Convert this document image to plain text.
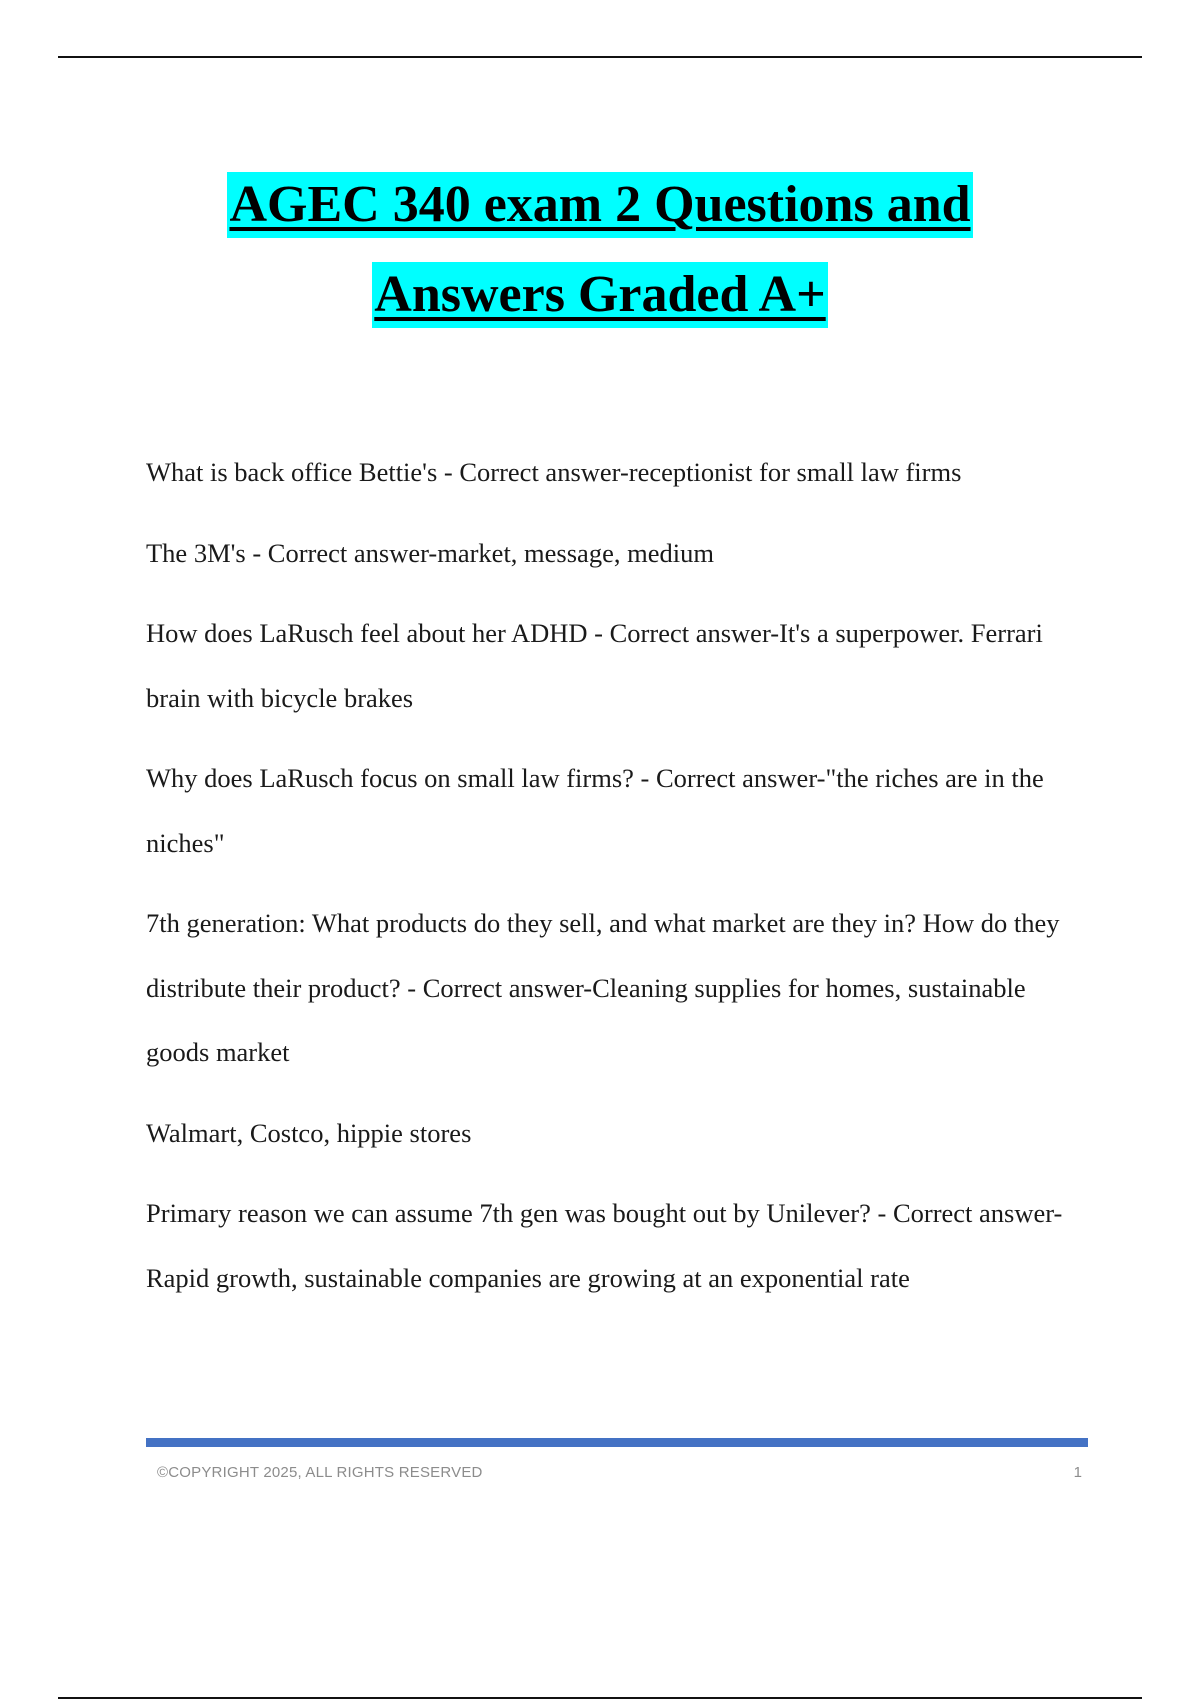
AGEC 340 exam 2 Questions and
Answers Graded A+

What is back office Bettie's - Correct answer-receptionist for small law firms

The 3M's - Correct answer-market, message, medium

How does LaRusch feel about her ADHD - Correct answer-It's a superpower. Ferrari brain with bicycle brakes

Why does LaRusch focus on small law firms? - Correct answer-"the riches are in the niches"

7th generation: What products do they sell, and what market are they in? How do they distribute their product? - Correct answer-Cleaning supplies for homes, sustainable goods market

Walmart, Costco, hippie stores

Primary reason we can assume 7th gen was bought out by Unilever? - Correct answer-Rapid growth, sustainable companies are growing at an exponential rate

©COPYRIGHT 2025, ALL RIGHTS RESERVED	1
